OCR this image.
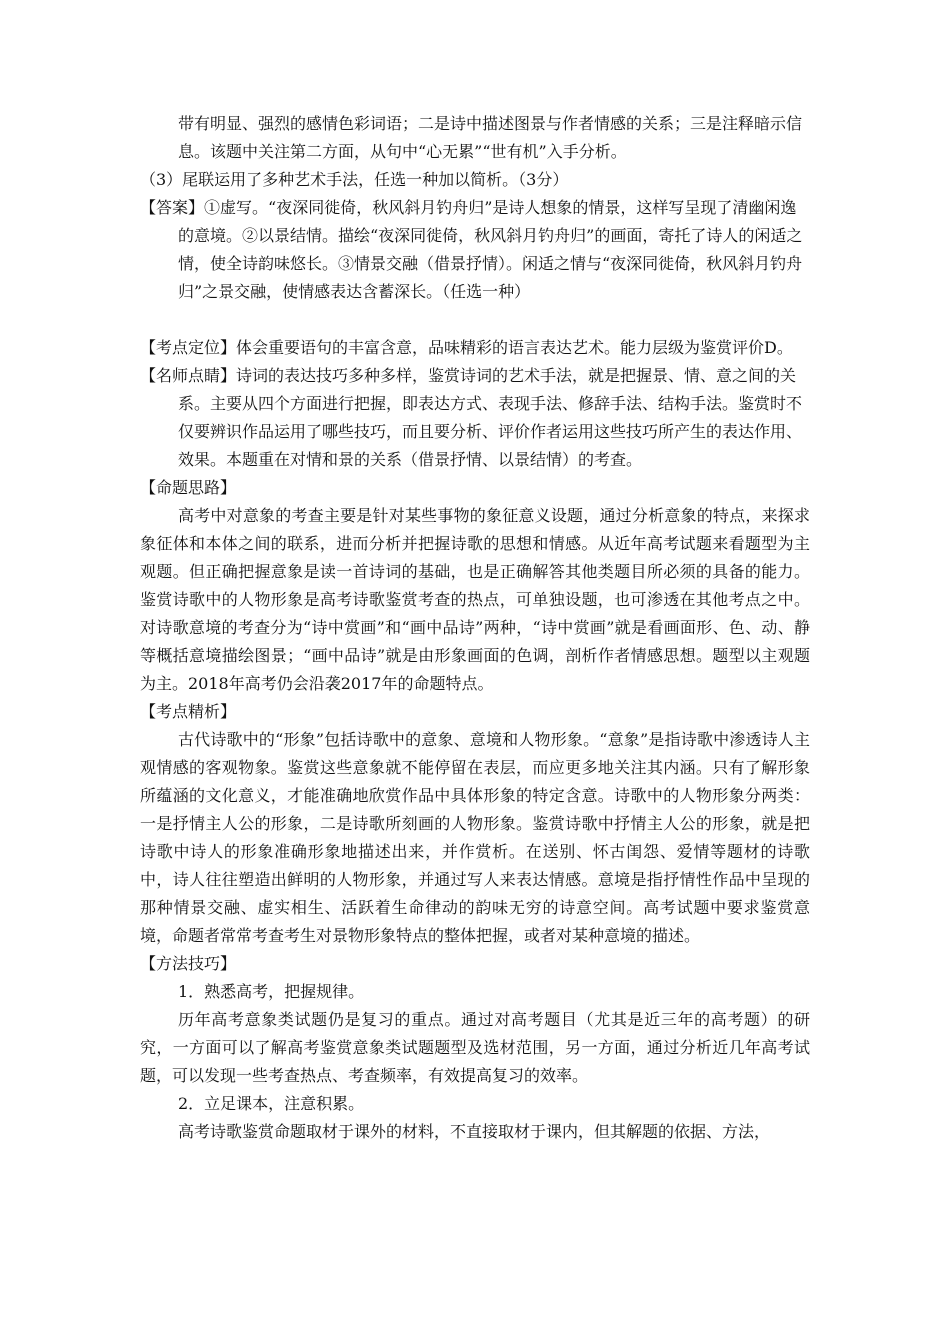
带有明显、强烈的感情色彩词语；二是诗中描述图景与作者情感的关系；三是注释暗示信息。该题中关注第二方面，从句中“心无累”“世有机”入手分析。

（3）尾联运用了多种艺术手法，任选一种加以简析。（3分）

【答案】①虚写。“夜深同徙倚，秋风斜月钓舟归”是诗人想象的情景，这样写呈现了清幽闲逸的意境。②以景结情。描绘“夜深同徙倚，秋风斜月钓舟归”的画面，寄托了诗人的闲适之情，使全诗韵味悠长。③情景交融（借景抒情）。闲适之情与“夜深同徙倚，秋风斜月钓舟归”之景交融，使情感表达含蓄深长。（任选一种）

【考点定位】体会重要语句的丰富含意，品味精彩的语言表达艺术。能力层级为鉴赏评价D。

【名师点睛】诗词的表达技巧多种多样，鉴赏诗词的艺术手法，就是把握景、情、意之间的关系。主要从四个方面进行把握，即表达方式、表现手法、修辞手法、结构手法。鉴赏时不仅要辨识作品运用了哪些技巧，而且要分析、评价作者运用这些技巧所产生的表达作用、效果。本题重在对情和景的关系（借景抒情、以景结情）的考查。

【命题思路】

高考中对意象的考查主要是针对某些事物的象征意义设题，通过分析意象的特点，来探求象征体和本体之间的联系，进而分析并把握诗歌的思想和情感。从近年高考试题来看题型为主观题。但正确把握意象是读一首诗词的基础，也是正确解答其他类题目所必须的具备的能力。鉴赏诗歌中的人物形象是高考诗歌鉴赏考查的热点，可单独设题，也可渗透在其他考点之中。对诗歌意境的考查分为“诗中赏画”和“画中品诗”两种，“诗中赏画”就是看画面形、色、动、静等概括意境描绘图景；“画中品诗”就是由形象画面的色调，剖析作者情感思想。题型以主观题为主。2018年高考仍会沿袭2017年的命题特点。

【考点精析】

古代诗歌中的“形象”包括诗歌中的意象、意境和人物形象。“意象”是指诗歌中渗透诗人主观情感的客观物象。鉴赏这些意象就不能停留在表层，而应更多地关注其内涵。只有了解形象所蕴涵的文化意义，才能准确地欣赏作品中具体形象的特定含意。诗歌中的人物形象分两类：一是抒情主人公的形象，二是诗歌所刻画的人物形象。鉴赏诗歌中抒情主人公的形象，就是把诗歌中诗人的形象准确形象地描述出来，并作赏析。在送别、怀古闺怨、爱情等题材的诗歌中，诗人往往塑造出鲜明的人物形象，并通过写人来表达情感。意境是指抒情性作品中呈现的那种情景交融、虚实相生、活跃着生命律动的韵味无穷的诗意空间。高考试题中要求鉴赏意境，命题者常常考查考生对景物形象特点的整体把握，或者对某种意境的描述。

【方法技巧】

1．熟悉高考，把握规律。

历年高考意象类试题仍是复习的重点。通过对高考题目（尤其是近三年的高考题）的研究，一方面可以了解高考鉴赏意象类试题题型及选材范围，另一方面，通过分析近几年高考试题，可以发现一些考查热点、考查频率，有效提高复习的效率。

2．立足课本，注意积累。

高考诗歌鉴赏命题取材于课外的材料，不直接取材于课内，但其解题的依据、方法，
